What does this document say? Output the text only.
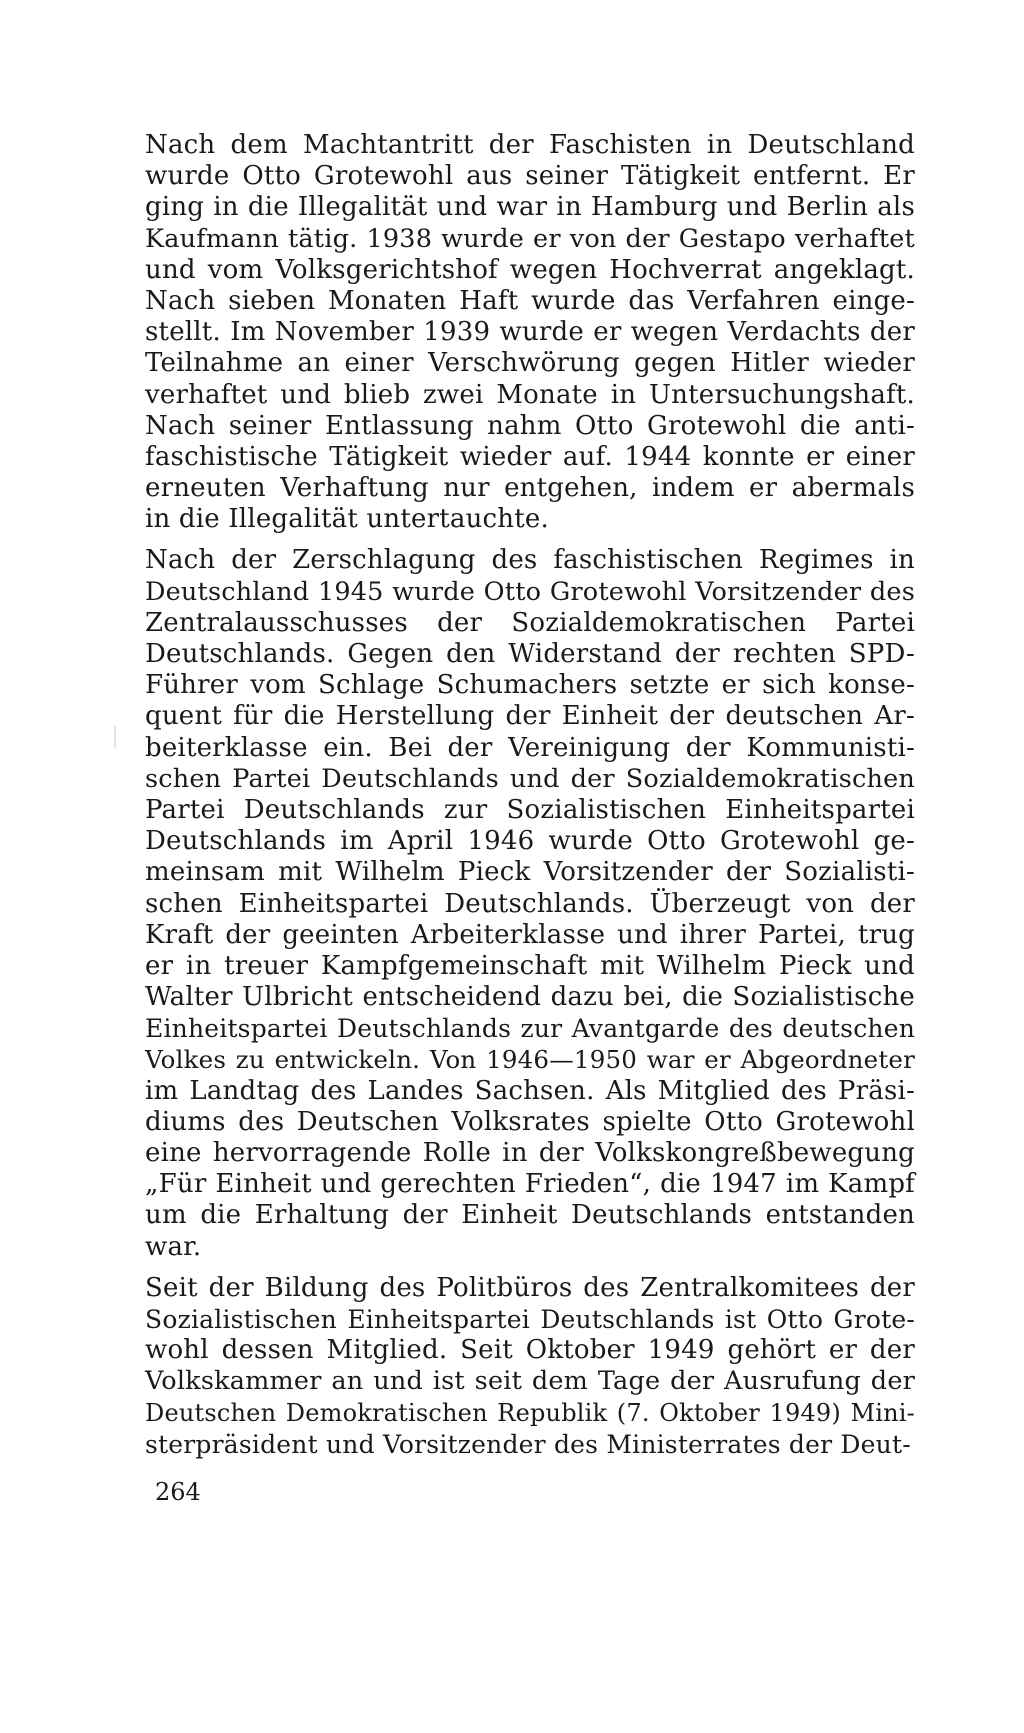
Nach dem Machtantritt der Faschisten in Deutschland
wurde Otto Grotewohl aus seiner Tätigkeit entfernt. Er
ging in die Illegalität und war in Hamburg und Berlin als
Kaufmann tätig. 1938 wurde er von der Gestapo verhaftet
und vom Volksgerichtshof wegen Hochverrat angeklagt.
Nach sieben Monaten Haft wurde das Verfahren einge-
stellt. Im November 1939 wurde er wegen Verdachts der
Teilnahme an einer Verschwörung gegen Hitler wieder
verhaftet und blieb zwei Monate in Untersuchungshaft.
Nach seiner Entlassung nahm Otto Grotewohl die anti-
faschistische Tätigkeit wieder auf. 1944 konnte er einer
erneuten Verhaftung nur entgehen, indem er abermals
in die Illegalität untertauchte.
Nach der Zerschlagung des faschistischen Regimes in
Deutschland 1945 wurde Otto Grotewohl Vorsitzender des
Zentralausschusses der Sozialdemokratischen Partei
Deutschlands. Gegen den Widerstand der rechten SPD-
Führer vom Schlage Schumachers setzte er sich konse-
quent für die Herstellung der Einheit der deutschen Ar-
beiterklasse ein. Bei der Vereinigung der Kommunisti-
schen Partei Deutschlands und der Sozialdemokratischen
Partei Deutschlands zur Sozialistischen Einheitspartei
Deutschlands im April 1946 wurde Otto Grotewohl ge-
meinsam mit Wilhelm Pieck Vorsitzender der Sozialisti-
schen Einheitspartei Deutschlands. Überzeugt von der
Kraft der geeinten Arbeiterklasse und ihrer Partei, trug
er in treuer Kampfgemeinschaft mit Wilhelm Pieck und
Walter Ulbricht entscheidend dazu bei, die Sozialistische
Einheitspartei Deutschlands zur Avantgarde des deutschen
Volkes zu entwickeln. Von 1946—1950 war er Abgeordneter
im Landtag des Landes Sachsen. Als Mitglied des Präsi-
diums des Deutschen Volksrates spielte Otto Grotewohl
eine hervorragende Rolle in der Volkskongreßbewegung
„Für Einheit und gerechten Frieden“, die 1947 im Kampf
um die Erhaltung der Einheit Deutschlands entstanden
war.
Seit der Bildung des Politbüros des Zentralkomitees der
Sozialistischen Einheitspartei Deutschlands ist Otto Grote-
wohl dessen Mitglied. Seit Oktober 1949 gehört er der
Volkskammer an und ist seit dem Tage der Ausrufung der
Deutschen Demokratischen Republik (7. Oktober 1949) Mini-
sterpräsident und Vorsitzender des Ministerrates der Deut-
264
